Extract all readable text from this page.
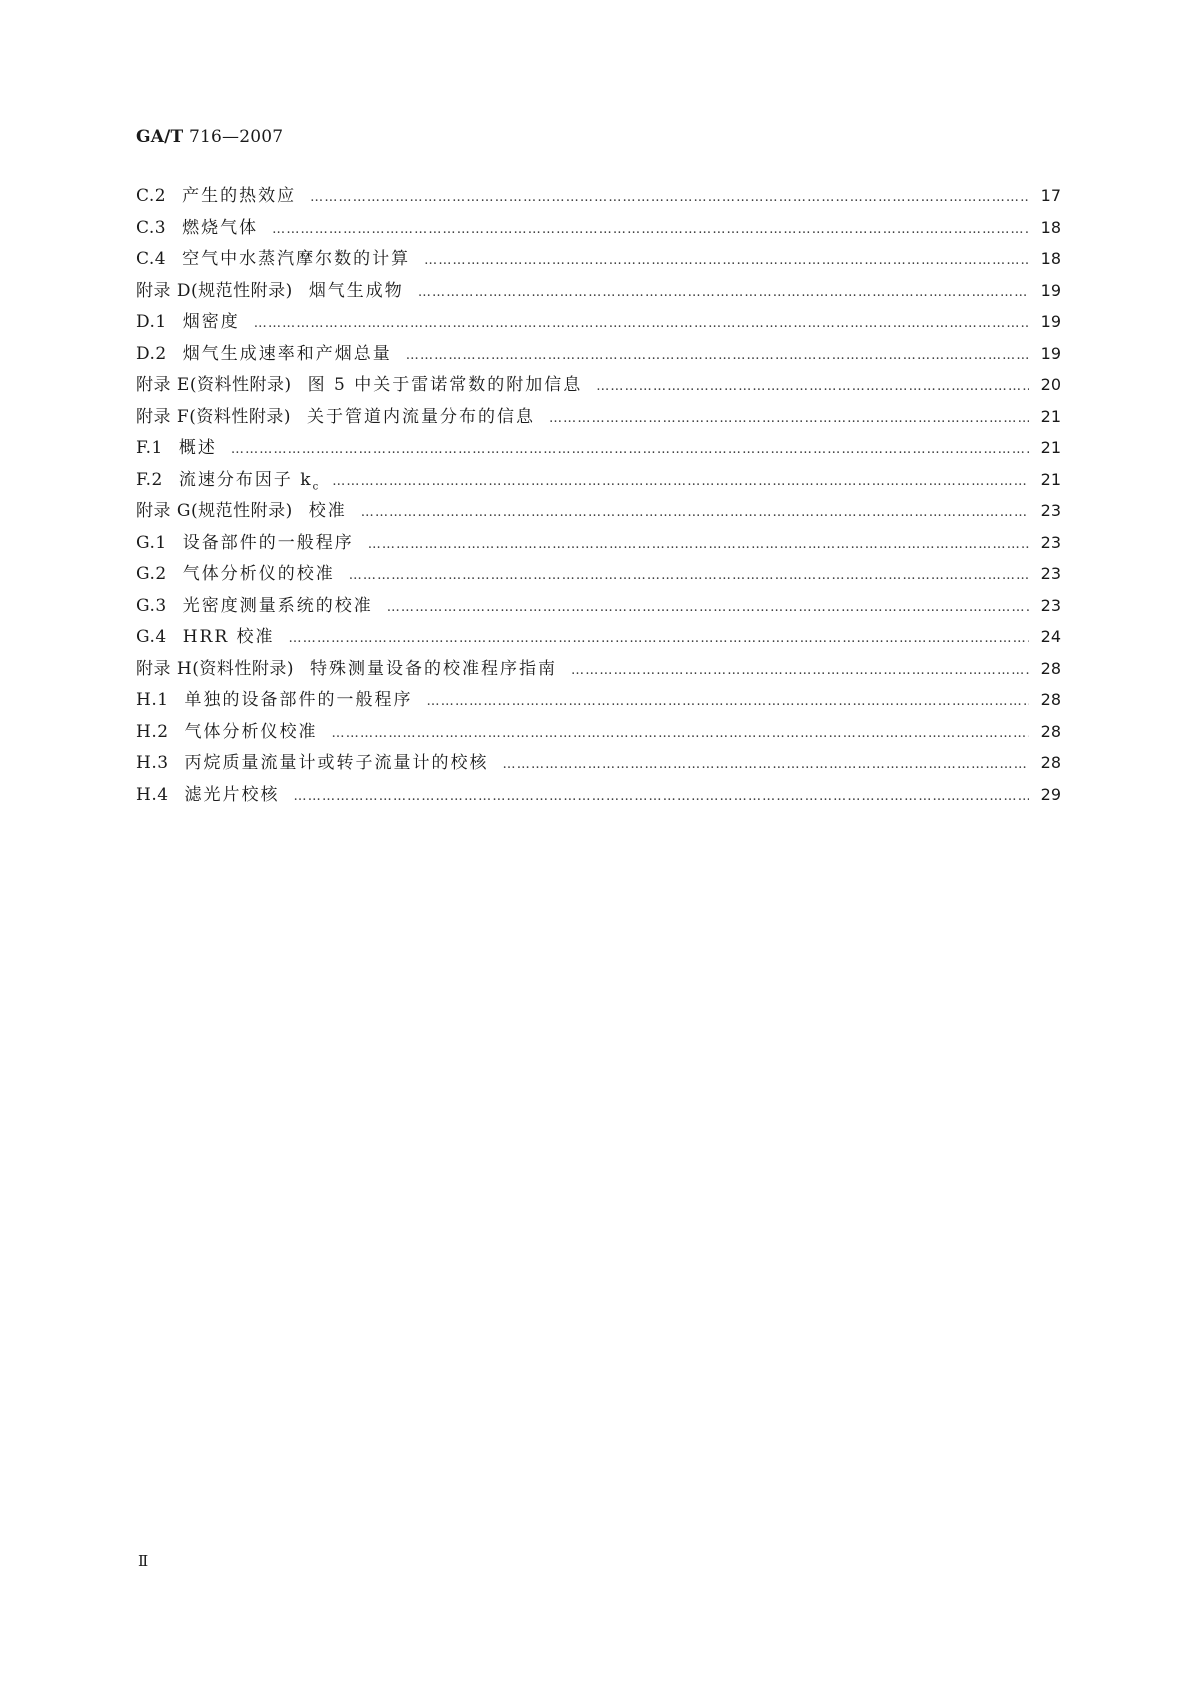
GA/T 716—2007
C.2 产生的热效应 ……………………………………………………………………………………………………………………………………………………………………………………………………………………………………	17
C.3 燃烧气体 ……………………………………………………………………………………………………………………………………………………………………………………………………………………………………	18
C.4 空气中水蒸汽摩尔数的计算 ……………………………………………………………………………………………………………………………………………………………………………………………………………………………………	18
附录 D(规范性附录) 烟气生成物 ……………………………………………………………………………………………………………………………………………………………………………………………………………………………………	19
D.1 烟密度 ……………………………………………………………………………………………………………………………………………………………………………………………………………………………………	19
D.2 烟气生成速率和产烟总量 ……………………………………………………………………………………………………………………………………………………………………………………………………………………………………	19
附录 E(资料性附录) 图 5 中关于雷诺常数的附加信息 ……………………………………………………………………………………………………………………………………………………………………………………………………………………………………	20
附录 F(资料性附录) 关于管道内流量分布的信息 ……………………………………………………………………………………………………………………………………………………………………………………………………………………………………	21
F.1 概述 ……………………………………………………………………………………………………………………………………………………………………………………………………………………………………	21
F.2 流速分布因子 $k_c$ ……………………………………………………………………………………………………………………………………………………………………………………………………………………………………	21
附录 G(规范性附录) 校准 ……………………………………………………………………………………………………………………………………………………………………………………………………………………………………	23
G.1 设备部件的一般程序 ……………………………………………………………………………………………………………………………………………………………………………………………………………………………………	23
G.2 气体分析仪的校准 ……………………………………………………………………………………………………………………………………………………………………………………………………………………………………	23
G.3 光密度测量系统的校准 ……………………………………………………………………………………………………………………………………………………………………………………………………………………………………	23
G.4 HRR 校准 ……………………………………………………………………………………………………………………………………………………………………………………………………………………………………	24
附录 H(资料性附录) 特殊测量设备的校准程序指南 ……………………………………………………………………………………………………………………………………………………………………………………………………………………………………	28
H.1 单独的设备部件的一般程序 ……………………………………………………………………………………………………………………………………………………………………………………………………………………………………	28
H.2 气体分析仪校准 ……………………………………………………………………………………………………………………………………………………………………………………………………………………………………	28
H.3 丙烷质量流量计或转子流量计的校核 ……………………………………………………………………………………………………………………………………………………………………………………………………………………………………	28
H.4 滤光片校核 ……………………………………………………………………………………………………………………………………………………………………………………………………………………………………	29
Ⅱ
